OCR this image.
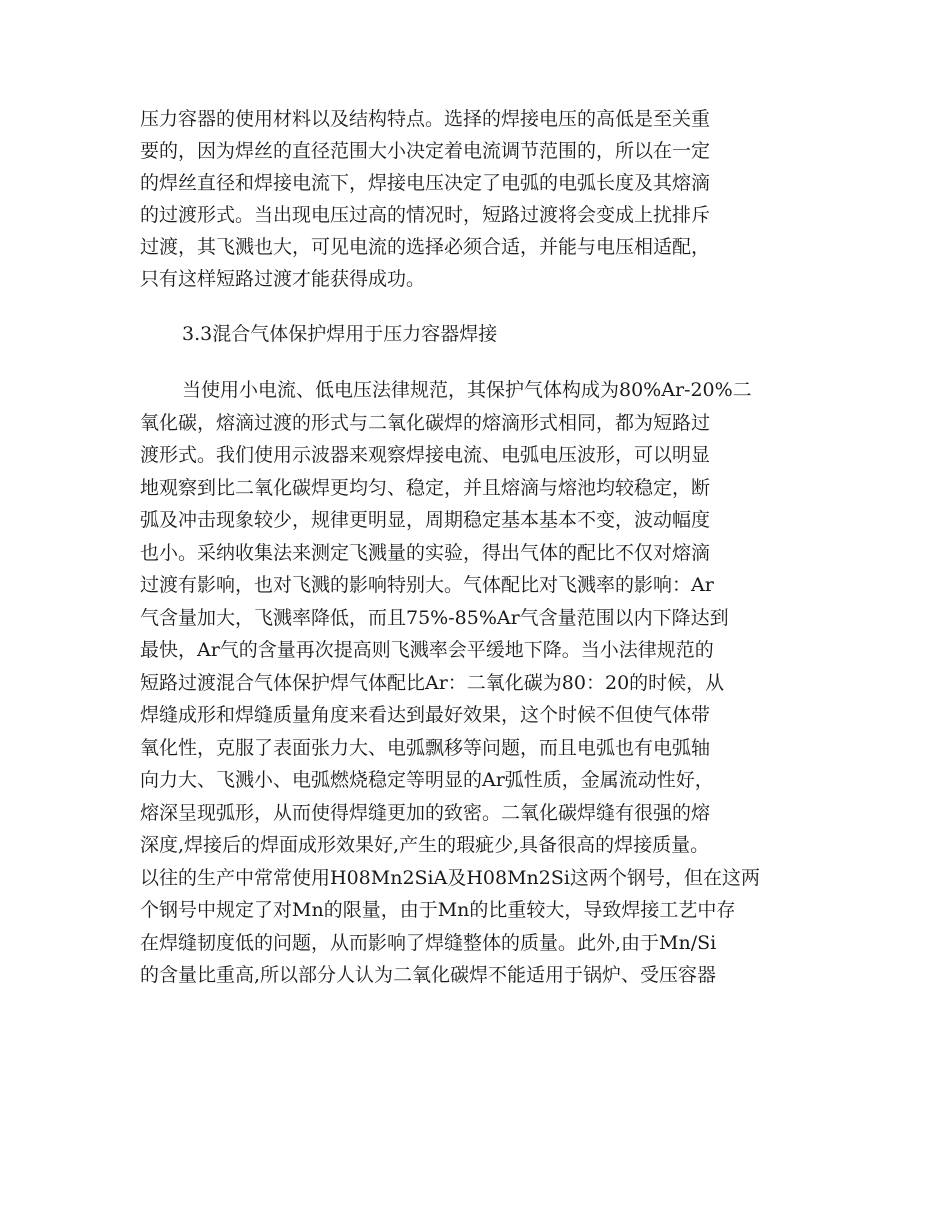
压力容器的使用材料以及结构特点。选择的焊接电压的高低是至关重
要的，因为焊丝的直径范围大小决定着电流调节范围的，所以在一定
的焊丝直径和焊接电流下，焊接电压决定了电弧的电弧长度及其熔滴
的过渡形式。当出现电压过高的情况时，短路过渡将会变成上扰排斥
过渡，其飞溅也大，可见电流的选择必须合适，并能与电压相适配，
只有这样短路过渡才能获得成功。
3.3混合气体保护焊用于压力容器焊接
当使用小电流、低电压法律规范，其保护气体构成为80%Ar-20%二
氧化碳，熔滴过渡的形式与二氧化碳焊的熔滴形式相同，都为短路过
渡形式。我们使用示波器来观察焊接电流、电弧电压波形，可以明显
地观察到比二氧化碳焊更均匀、稳定，并且熔滴与熔池均较稳定，断
弧及冲击现象较少，规律更明显，周期稳定基本基本不变，波动幅度
也小。采纳收集法来测定飞溅量的实验，得出气体的配比不仅对熔滴
过渡有影响，也对飞溅的影响特别大。气体配比对飞溅率的影响：Ar
气含量加大，飞溅率降低，而且75%-85%Ar气含量范围以内下降达到
最快，Ar气的含量再次提高则飞溅率会平缓地下降。当小法律规范的
短路过渡混合气体保护焊气体配比Ar：二氧化碳为80：20的时候，从
焊缝成形和焊缝质量角度来看达到最好效果，这个时候不但使气体带
氧化性，克服了表面张力大、电弧飘移等问题，而且电弧也有电弧轴
向力大、飞溅小、电弧燃烧稳定等明显的Ar弧性质，金属流动性好，
熔深呈现弧形，从而使得焊缝更加的致密。二氧化碳焊缝有很强的熔
深度,焊接后的焊面成形效果好,产生的瑕疵少,具备很高的焊接质量。
以往的生产中常常使用H08Mn2SiA及H08Mn2Si这两个钢号，但在这两
个钢号中规定了对Mn的限量，由于Mn的比重较大，导致焊接工艺中存
在焊缝韧度低的问题，从而影响了焊缝整体的质量。此外,由于Mn/Si
的含量比重高,所以部分人认为二氧化碳焊不能适用于锅炉、受压容器
